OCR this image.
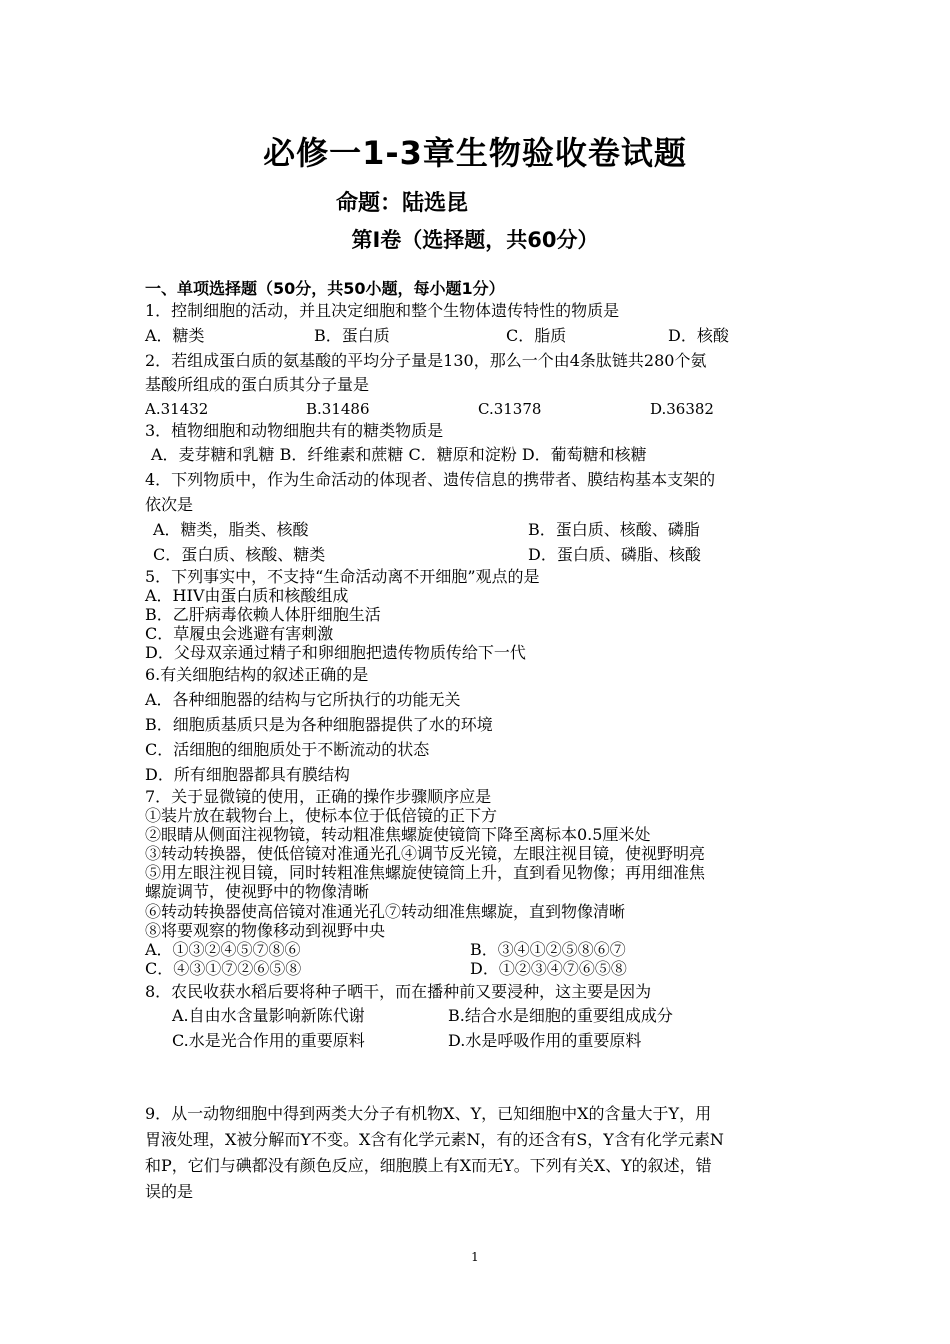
必修一1-3章生物验收卷试题
命题：陆选昆
第Ⅰ卷（选择题，共60分）
一、单项选择题（50分，共50小题，每小题1分）
1．控制细胞的活动，并且决定细胞和整个生物体遗传特性的物质是
A．糖类	B．蛋白质	C．脂质	D．核酸
2．若组成蛋白质的氨基酸的平均分子量是130，那么一个由4条肽链共280个氨
基酸所组成的蛋白质其分子量是
A.31432	B.31486	C.31378	D.36382
3．植物细胞和动物细胞共有的糖类物质是
A．麦芽糖和乳糖 B．纤维素和蔗糖 C．糖原和淀粉 D．葡萄糖和核糖
4．下列物质中，作为生命活动的体现者、遗传信息的携带者、膜结构基本支架的
依次是
A．糖类，脂类、核酸	B．蛋白质、核酸、磷脂
C．蛋白质、核酸、糖类	D．蛋白质、磷脂、核酸
5．下列事实中，不支持“生命活动离不开细胞”观点的是
A．HIV由蛋白质和核酸组成
B．乙肝病毒依赖人体肝细胞生活
C．草履虫会逃避有害刺激
D．父母双亲通过精子和卵细胞把遗传物质传给下一代
6.有关细胞结构的叙述正确的是
A．各种细胞器的结构与它所执行的功能无关
B．细胞质基质只是为各种细胞器提供了水的环境
C．活细胞的细胞质处于不断流动的状态
D．所有细胞器都具有膜结构
7．关于显微镜的使用，正确的操作步骤顺序应是
①装片放在载物台上，使标本位于低倍镜的正下方
②眼睛从侧面注视物镜，转动粗准焦螺旋使镜筒下降至离标本0.5厘米处
③转动转换器，使低倍镜对准通光孔④调节反光镜，左眼注视目镜，使视野明亮
⑤用左眼注视目镜，同时转粗准焦螺旋使镜筒上升，直到看见物像；再用细准焦
螺旋调节，使视野中的物像清晰
⑥转动转换器使高倍镜对准通光孔⑦转动细准焦螺旋，直到物像清晰
⑧将要观察的物像移动到视野中央
A．①③②④⑤⑦⑧⑥	B．③④①②⑤⑧⑥⑦
C．④③①⑦②⑥⑤⑧	D．①②③④⑦⑥⑤⑧
8．农民收获水稻后要将种子晒干，而在播种前又要浸种，这主要是因为
A.自由水含量影响新陈代谢	B.结合水是细胞的重要组成成分
C.水是光合作用的重要原料	D.水是呼吸作用的重要原料
9．从一动物细胞中得到两类大分子有机物X、Y，已知细胞中X的含量大于Y，用
胃液处理，X被分解而Y不变。X含有化学元素N，有的还含有S，Y含有化学元素N
和P，它们与碘都没有颜色反应，细胞膜上有X而无Y。下列有关X、Y的叙述，错
误的是
1
